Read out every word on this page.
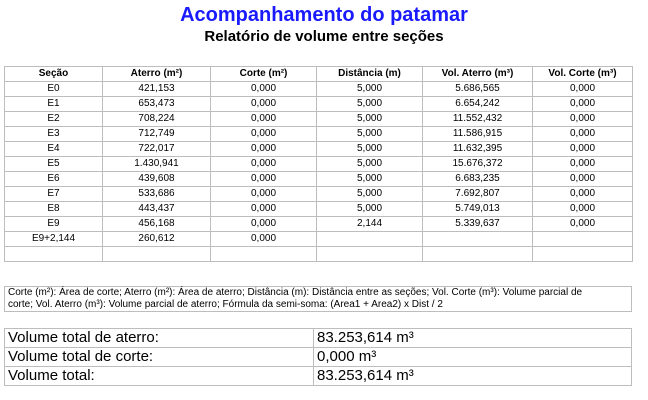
Acompanhamento do patamar
Relatório de volume entre seções
Seção	Aterro (m²)	Corte (m²)	Distância (m)	Vol. Aterro (m³)	Vol. Corte (m³)
E0	421,153	0,000	5,000	5.686,565	0,000
E1	653,473	0,000	5,000	6.654,242	0,000
E2	708,224	0,000	5,000	11.552,432	0,000
E3	712,749	0,000	5,000	11.586,915	0,000
E4	722,017	0,000	5,000	11.632,395	0,000
E5	1.430,941	0,000	5,000	15.676,372	0,000
E6	439,608	0,000	5,000	6.683,235	0,000
E7	533,686	0,000	5,000	7.692,807	0,000
E8	443,437	0,000	5,000	5.749,013	0,000
E9	456,168	0,000	2,144	5.339,637	0,000
E9+2,144	260,612	0,000			

Corte (m²): Área de corte; Aterro (m²): Área de aterro; Distância (m): Distância entre as seções; Vol. Corte (m³): Volume parcial de
corte; Vol. Aterro (m³): Volume parcial de aterro; Fórmula da semi-soma: (Area1 + Area2) x Dist / 2
Volume total de aterro:	83.253,614 m³
Volume total de corte:	0,000 m³
Volume total:	83.253,614 m³
